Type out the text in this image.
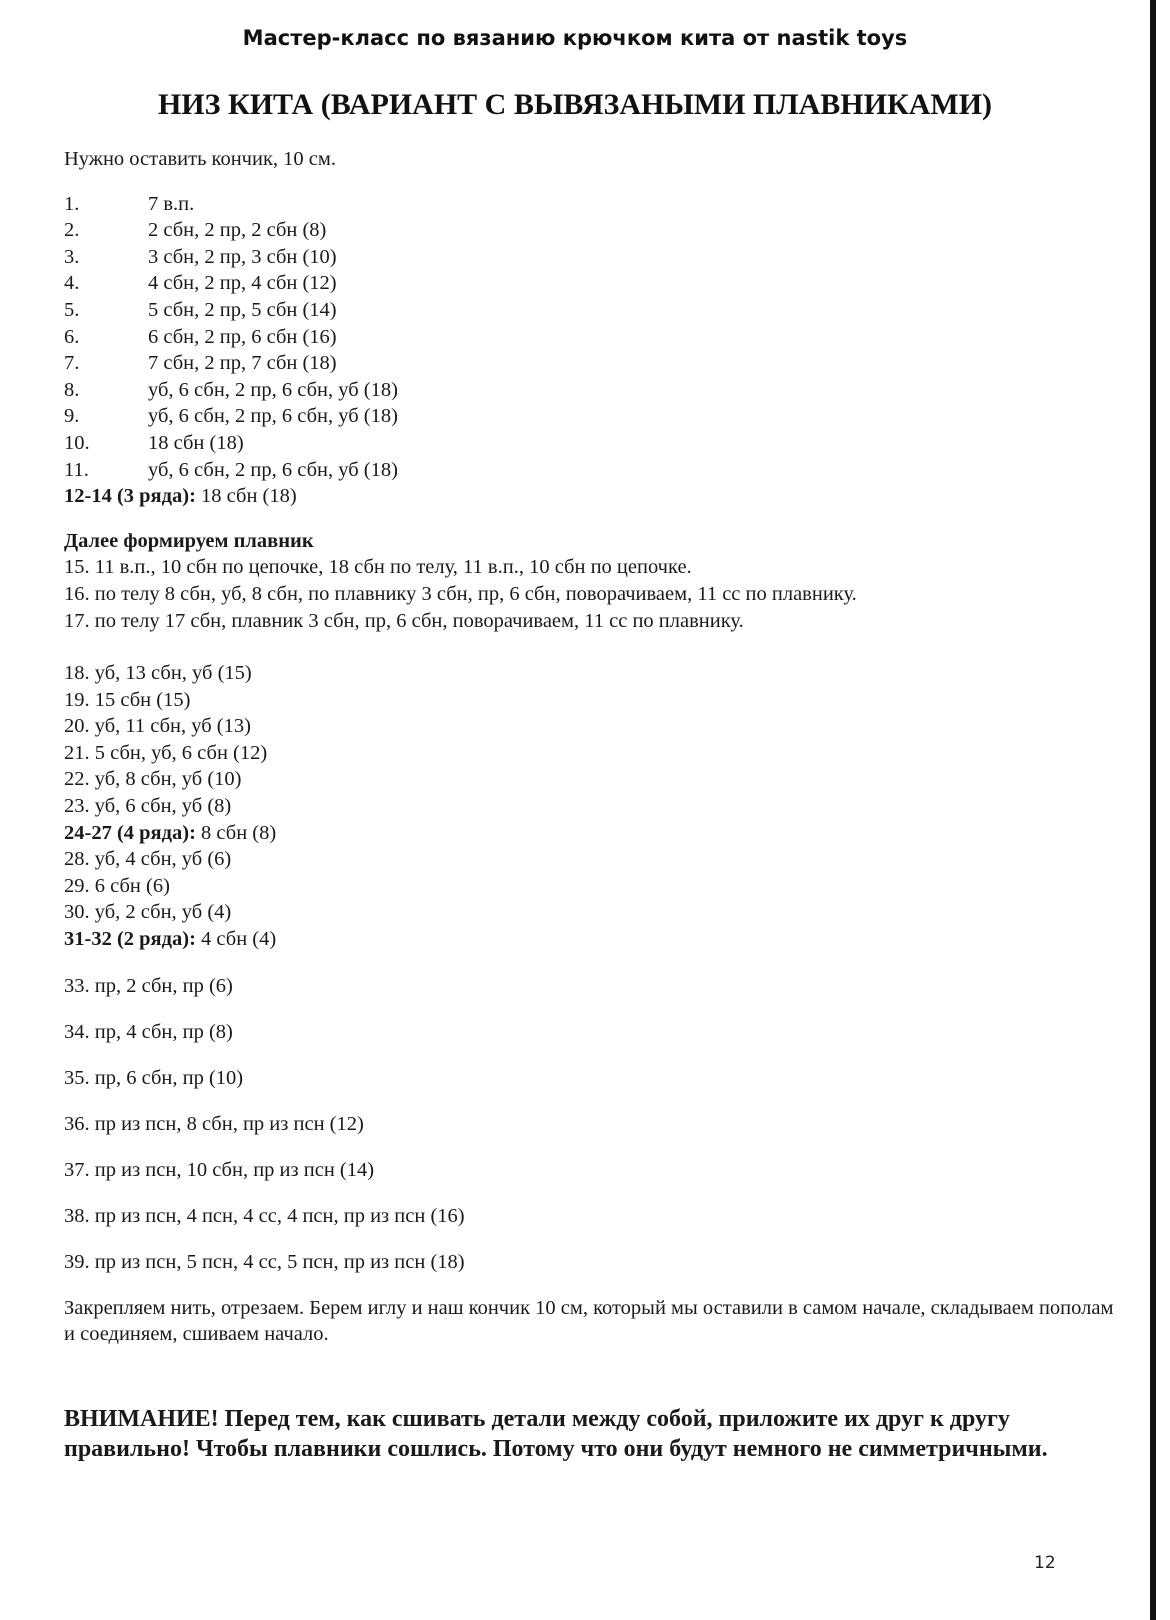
Мастер-класс по вязанию крючком кита от nastik toys
НИЗ КИТА (ВАРИАНТ С ВЫВЯЗАНЫМИ ПЛАВНИКАМИ)
Нужно оставить кончик, 10 см.
1.	7 в.п.
2.	2 сбн, 2 пр, 2 сбн (8)
3.	3 сбн, 2 пр, 3 сбн (10)
4.	4 сбн, 2 пр, 4 сбн (12)
5.	5 сбн, 2 пр, 5 сбн (14)
6.	6 сбн, 2 пр, 6 сбн (16)
7.	7 сбн, 2 пр, 7 сбн (18)
8.	уб, 6 сбн, 2 пр, 6 сбн, уб (18)
9.	уб, 6 сбн, 2 пр, 6 сбн, уб (18)
10.	18 сбн (18)
11.	уб, 6 сбн, 2 пр, 6 сбн, уб (18)
12-14 (3 ряда): 18 сбн (18)
Далее формируем плавник
15. 11 в.п., 10 сбн по цепочке, 18 сбн по телу, 11 в.п., 10 сбн по цепочке.
16. по телу 8 сбн, уб, 8 сбн, по плавнику 3 сбн, пр, 6 сбн, поворачиваем, 11 сс по плавнику.
17. по телу 17 сбн, плавник 3 сбн, пр, 6 сбн, поворачиваем, 11 сс по плавнику.
18. уб, 13 сбн, уб (15)
19. 15 сбн (15)
20. уб, 11 сбн, уб (13)
21. 5 сбн, уб, 6 сбн (12)
22. уб, 8 сбн, уб (10)
23. уб, 6 сбн, уб (8)
24-27 (4 ряда): 8 сбн (8)
28. уб, 4 сбн, уб (6)
29. 6 сбн (6)
30. уб, 2 сбн, уб (4)
31-32 (2 ряда): 4 сбн (4)
33. пр, 2 сбн, пр (6)
34. пр, 4 сбн, пр (8)
35. пр, 6 сбн, пр (10)
36. пр из псн, 8 сбн, пр из псн (12)
37. пр из псн, 10 сбн, пр из псн (14)
38. пр из псн, 4 псн, 4 сс, 4 псн, пр из псн (16)
39. пр из псн, 5 псн, 4 сс, 5 псн, пр из псн (18)
Закрепляем нить, отрезаем. Берем иглу и наш кончик 10 см, который мы оставили в самом начале, складываем пополам и соединяем, сшиваем начало.
ВНИМАНИЕ! Перед тем, как сшивать детали между собой, приложите их друг к другу правильно! Чтобы плавники сошлись. Потому что они будут немного не симметричными.
12
